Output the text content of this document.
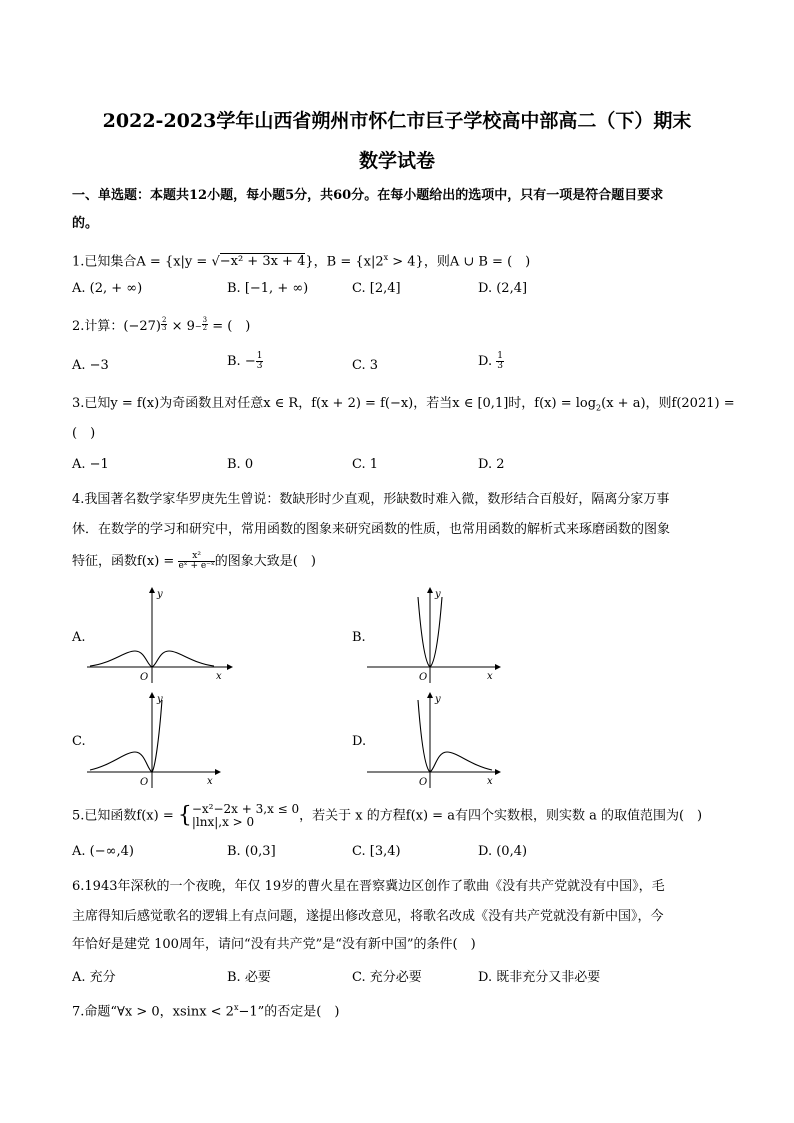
2022-2023学年山西省朔州市怀仁市巨子学校高中部高二（下）期末
数学试卷
一、单选题：本题共12小题，每小题5分，共60分。在每小题给出的选项中，只有一项是符合题目要求
的。
1.已知集合A = {x|y = √−x² + 3x + 4}，$B = \{x|2^x > 4\}$，则A ∪ B = (　)
A. (2, + ∞)	B. [−1, + ∞)	C. [2,4]	D. (2,4]
2.计算：$(-27) \frac{2}{3} \times 9^- \frac{3}{2}$ = (　)
A. −3	B. − $\frac{1}{3}$	C. 3	D. $\frac{1}{3}$
3.已知y = f(x)为奇函数且对任意x ∈ R，f(x + 2) = f(−x)，若当x ∈ [0,1]时，$f(x) = \log_2(x + a)$，则f(2021) =
(　)
A. −1	B. 0	C. 1	D. 2
4.我国著名数学家华罗庚先生曾说：数缺形时少直观，形缺数时难入微，数形结合百般好，隔离分家万事
休．在数学的学习和研究中，常用函数的图象来研究函数的性质，也常用函数的解析式来琢磨函数的图象
特征，函数$f(x) = \frac{\text{x²}}{\text{eˣ + e⁻ˣ}}$ 的图象大致是(　)
A.	B.
C.	D.
y
x
O
y
x
O
y
x
O
y
x
O
5.已知函数f(x) = { −x²−2x + 3,x ≤ 0
|lnx|,x > 0	，若关于 x 的方程f(x) = a有四个实数根，则实数 a 的取值范围为(　)
A. (−∞,4)	B. (0,3]	C. [3,4)	D. (0,4)
6.1943年深秋的一个夜晚，年仅 19岁的曹火星在晋察冀边区创作了歌曲《没有共产党就没有中国》，毛
主席得知后感觉歌名的逻辑上有点问题，遂提出修改意见，将歌名改成《没有共产党就没有新中国》，今
年恰好是建党 100周年，请问“没有共产党”是“没有新中国”的条件(　)
A. 充分	B. 必要	C. 充分必要	D. 既非充分又非必要
7.命题“∀x > 0，$xsinx < 2^x-1$”的否定是(　)
